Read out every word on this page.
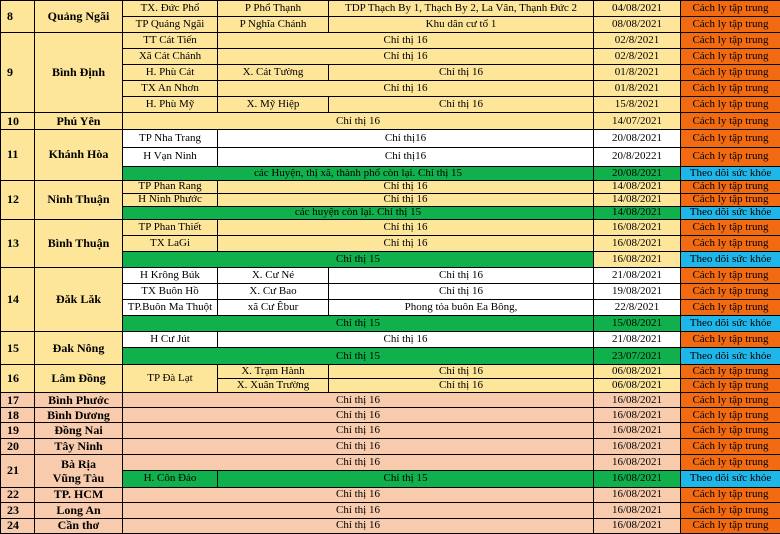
8	Quảng Ngãi	TX. Đức Phổ	P Phổ Thạnh	TDP Thạch By 1, Thạch By 2, La Vân, Thạnh Đức 2	04/08/2021	Cách ly tập trung
		TP Quảng Ngãi	P Nghĩa Chánh	Khu dân cư tổ 1	08/08/2021	Cách ly tập trung
9	Bình Định	TT Cát Tiến	Chỉ thị 16		02/8/2021	Cách ly tập trung
		Xã Cát Chánh	Chỉ thị 16		02/8/2021	Cách ly tập trung
		H. Phù Cát	X. Cát Tường	Chỉ thị 16	01/8/2021	Cách ly tập trung
		TX An Nhơn	Chỉ thị 16		01/8/2021	Cách ly tập trung
		H. Phù Mỹ	X. Mỹ Hiệp	Chỉ thị 16	15/8/2021	Cách ly tập trung
10	Phú Yên	Chỉ thị 16			14/07/2021	Cách ly tập trung
11	Khánh Hòa	TP Nha Trang	Chỉ thị16		20/08/2021	Cách ly tập trung
		H Vạn Ninh	Chỉ thị16		20/8/20221	Cách ly tập trung
		các Huyện, thị xã, thành phố còn lại. Chỉ thị 15			20/08/2021	Theo dõi sức khỏe
12	Ninh Thuận	TP Phan Rang	Chỉ thị 16		14/08/2021	Cách ly tập trung
		H Ninh Phước	Chỉ thị 16		14/08/2021	Cách ly tập trung
		các huyện còn lại. Chỉ thị 15			14/08/2021	Theo dõi sức khỏe
13	Bình Thuận	TP Phan Thiết	Chỉ thị 16		16/08/2021	Cách ly tập trung
		TX LaGi	Chỉ thị 16		16/08/2021	Cách ly tập trung
		Chỉ thị 15			16/08/2021	Theo dõi sức khỏe
14	Đăk Lăk	H Krông Búk	X. Cư Né	Chỉ thị 16	21/08/2021	Cách ly tập trung
		TX Buôn Hồ	X. Cư Bao	Chỉ thị 16	19/08/2021	Cách ly tập trung
		TP.Buôn Ma Thuột	xã Cư Êbur	Phong tỏa buôn Ea Bông,	22/8/2021	Cách ly tập trung
		Chỉ thị 15			15/08/2021	Theo dõi sức khỏe
15	Đak Nông	H Cư Jút	Chỉ thị 16		21/08/2021	Cách ly tập trung
		Chỉ thị 15			23/07/2021	Theo dõi sức khỏe
16	Lâm Đồng	TP Đà Lạt	X. Trạm Hành	Chỉ thị 16	06/08/2021	Cách ly tập trung
			X. Xuân Trường	Chỉ thị 16	06/08/2021	Cách ly tập trung
17	Bình Phước	Chỉ thị 16			16/08/2021	Cách ly tập trung
18	Bình Dương	Chỉ thị 16			16/08/2021	Cách ly tập trung
19	Đồng Nai	Chỉ thị 16			16/08/2021	Cách ly tập trung
20	Tây Ninh	Chỉ thị 16			16/08/2021	Cách ly tập trung
21	Bà Rịa
Vũng Tàu	Chỉ thị 16			16/08/2021	Cách ly tập trung
		H. Côn Đảo	Chỉ thị 15		16/08/2021	Theo dõi sức khỏe
22	TP. HCM	Chỉ thị 16			16/08/2021	Cách ly tập trung
23	Long An	Chỉ thị 16			16/08/2021	Cách ly tập trung
24	Cần thơ	Chỉ thị 16			16/08/2021	Cách ly tập trung
